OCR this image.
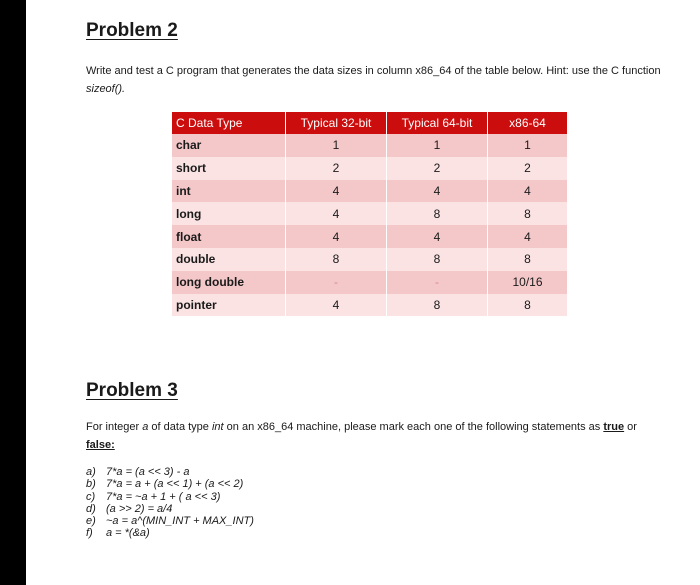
Problem 2
Write and test a C program that generates the data sizes in column x86_64 of the table below. Hint: use the C function sizeof().
C Data Type	Typical 32-bit	Typical 64-bit	x86-64
char	1	1	1
short	2	2	2
int	4	4	4
long	4	8	8
float	4	4	4
double	8	8	8
long double	-	-	10/16
pointer	4	8	8
Problem 3
For integer a of data type int on an x86_64 machine, please mark each one of the following statements as true or false:
a) 7*a = (a << 3) - a
b) 7*a = a + (a << 1) + (a << 2)
c) 7*a = ~a + 1 + ( a << 3)
d) (a >> 2) = a/4
e) ~a = a^(MIN_INT + MAX_INT)
f)	a = *(&a)
